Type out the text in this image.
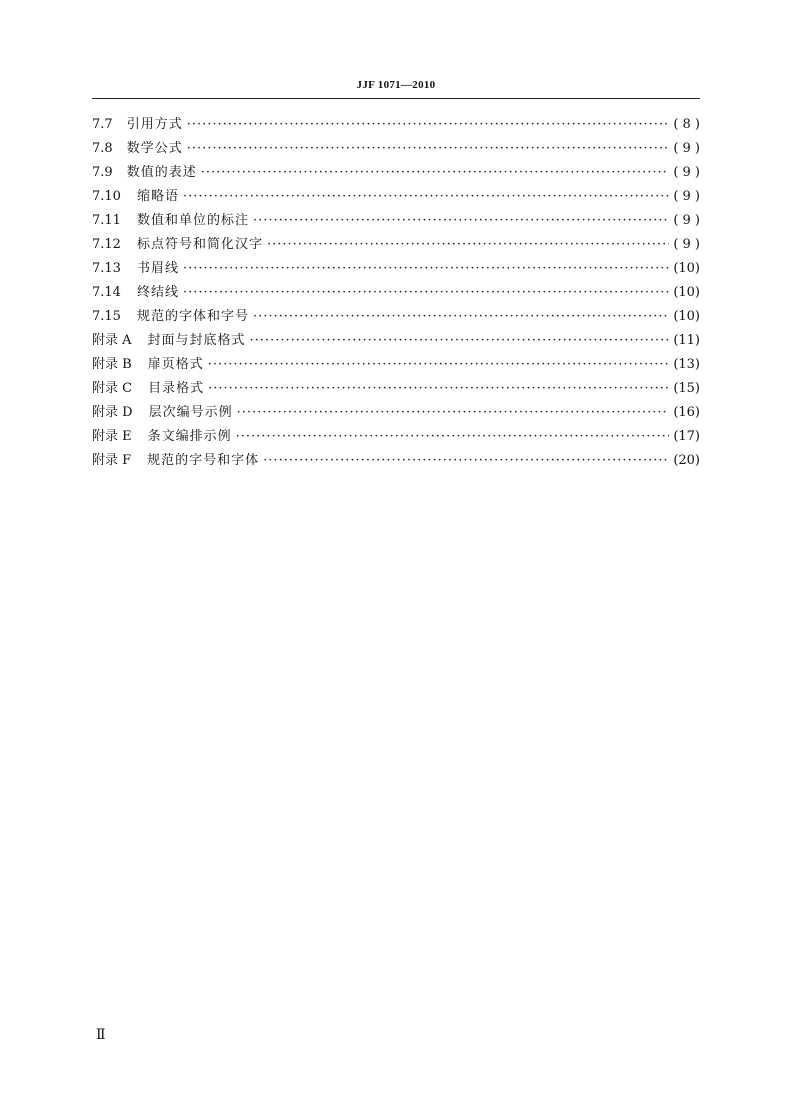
JJF 1071—2010
7.7 引用方式 ·····	( 8 )
7.8 数学公式 ·····	( 9 )
7.9 数值的表述 ·····	( 9 )
7.10 缩略语 ·····	( 9 )
7.11 数值和单位的标注 ·····	( 9 )
7.12 标点符号和简化汉字 ·····	( 9 )
7.13 书眉线 ·····	(10)
7.14 终结线 ·····	(10)
7.15 规范的字体和字号 ·····	(10)
附录 A 封面与封底格式 ·····	(11)
附录 B 扉页格式 ·····	(13)
附录 C 目录格式 ·····	(15)
附录 D 层次编号示例 ·····	(16)
附录 E 条文编排示例 ·····	(17)
附录 F 规范的字号和字体 ·····	(20)
Ⅱ
